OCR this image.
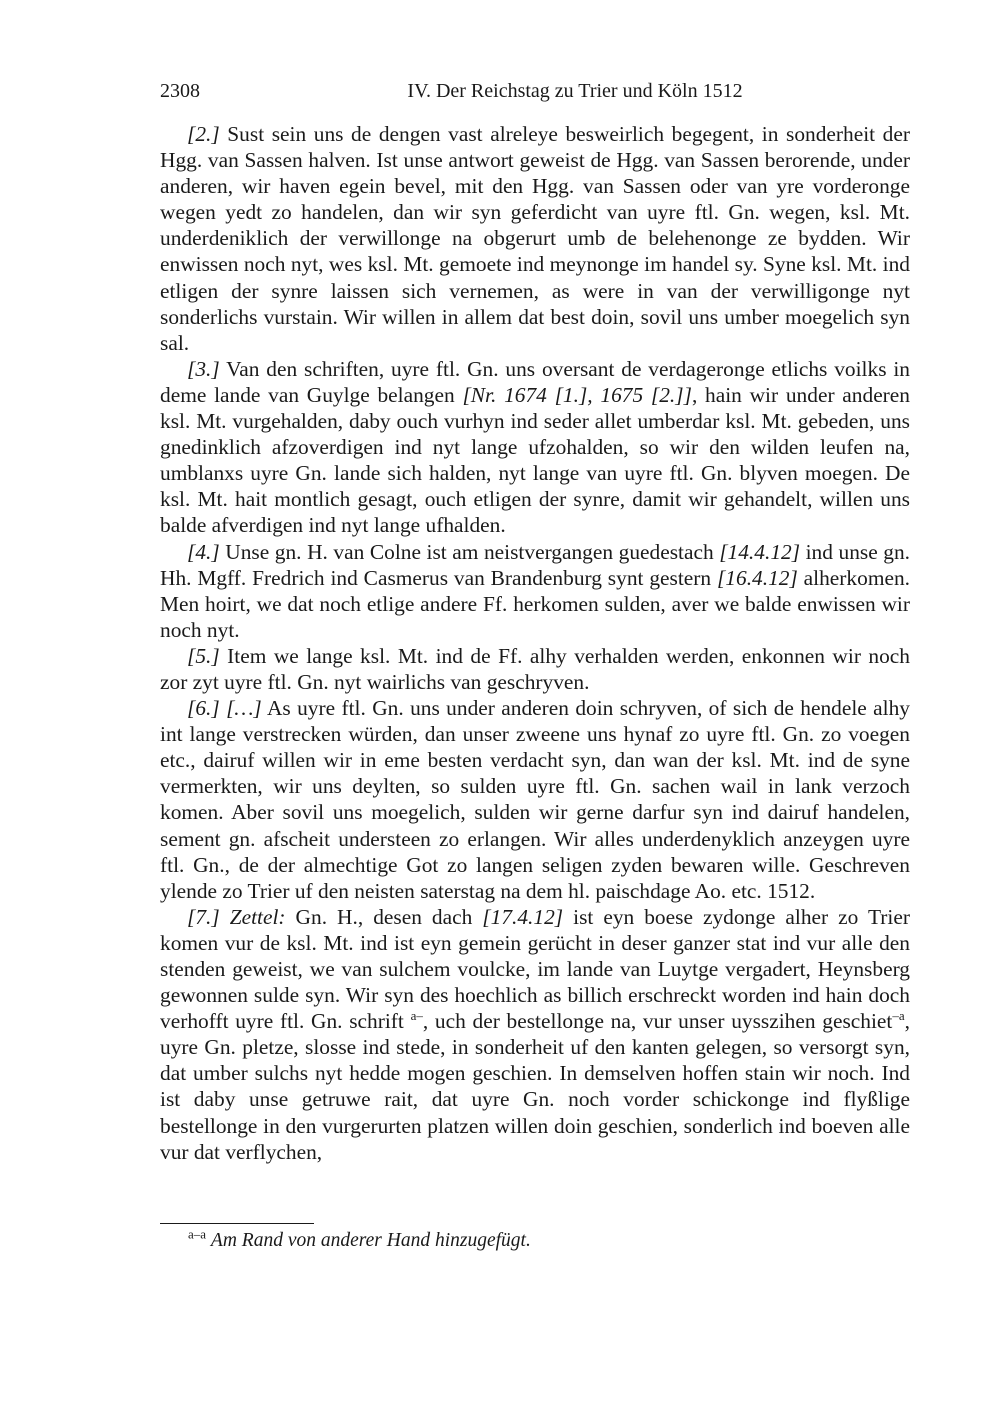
2308	IV. Der Reichstag zu Trier und Köln 1512

[2.] Sust sein uns de dengen vast alreleye besweirlich begegent, in sonderheit der Hgg. van Sassen halven. Ist unse antwort geweist de Hgg. van Sassen berorende, under anderen, wir haven egein bevel, mit den Hgg. van Sassen oder van yre vorderonge wegen yedt zo handelen, dan wir syn geferdicht van uyre ftl. Gn. wegen, ksl. Mt. underdeniklich der verwillonge na obgerurt umb de belehenonge ze bydden. Wir enwissen noch nyt, wes ksl. Mt. gemoete ind meynonge im handel sy. Syne ksl. Mt. ind etligen der synre laissen sich vernemen, as were in van der verwilligonge nyt sonderlichs vurstain. Wir willen in allem dat best doin, sovil uns umber moegelich syn sal.

[3.] Van den schriften, uyre ftl. Gn. uns oversant de verdageronge etlichs voilks in deme lande van Guylge belangen [Nr. 1674 [1.], 1675 [2.]], hain wir under anderen ksl. Mt. vurgehalden, daby ouch vurhyn ind seder allet umberdar ksl. Mt. gebeden, uns gnedinklich afzoverdigen ind nyt lange ufzohalden, so wir den wilden leufen na, umblanxs uyre Gn. lande sich halden, nyt lange van uyre ftl. Gn. blyven moegen. De ksl. Mt. hait montlich gesagt, ouch etligen der synre, damit wir gehandelt, willen uns balde afverdigen ind nyt lange ufhalden.

[4.] Unse gn. H. van Colne ist am neistvergangen guedestach [14.4.12] ind unse gn. Hh. Mgff. Fredrich ind Casmerus van Brandenburg synt gestern [16.4.12] alherkomen. Men hoirt, we dat noch etlige andere Ff. herkomen sulden, aver we balde enwissen wir noch nyt.

[5.] Item we lange ksl. Mt. ind de Ff. alhy verhalden werden, enkonnen wir noch zor zyt uyre ftl. Gn. nyt wairlichs van geschryven.

[6.] […] As uyre ftl. Gn. uns under anderen doin schryven, of sich de hendele alhy int lange verstrecken würden, dan unser zweene uns hynaf zo uyre ftl. Gn. zo voegen etc., dairuf willen wir in eme besten verdacht syn, dan wan der ksl. Mt. ind de syne vermerkten, wir uns deylten, so sulden uyre ftl. Gn. sachen wail in lank verzoch komen. Aber sovil uns moegelich, sulden wir gerne darfur syn ind dairuf handelen, sement gn. afscheit understeen zo erlangen. Wir alles underdenyklich anzeygen uyre ftl. Gn., de der almechtige Got zo langen seligen zyden bewaren wille. Geschreven ylende zo Trier uf den neisten saterstag na dem hl. paischdage Ao. etc. 1512.

[7.] Zettel: Gn. H., desen dach [17.4.12] ist eyn boese zydonge alher zo Trier komen vur de ksl. Mt. ind ist eyn gemein gerücht in deser ganzer stat ind vur alle den stenden geweist, we van sulchem voulcke, im lande van Luytge vergadert, Heynsberg gewonnen sulde syn. Wir syn des hoechlich as billich erschreckt worden ind hain doch verhofft uyre ftl. Gn. schrift $^{a-}$, uch der bestellonge na, vur unser uysszihen geschiet$^{-a}$, uyre Gn. pletze, slosse ind stede, in sonderheit uf den kanten gelegen, so versorgt syn, dat umber sulchs nyt hedde mogen geschien. In demselven hoffen stain wir noch. Ind ist daby unse getruwe rait, dat uyre Gn. noch vorder schickonge ind flyßlige bestellonge in den vurgerurten platzen willen doin geschien, sonderlich ind boeven alle vur dat verflychen,

$^{a-a}$ Am Rand von anderer Hand hinzugefügt.
